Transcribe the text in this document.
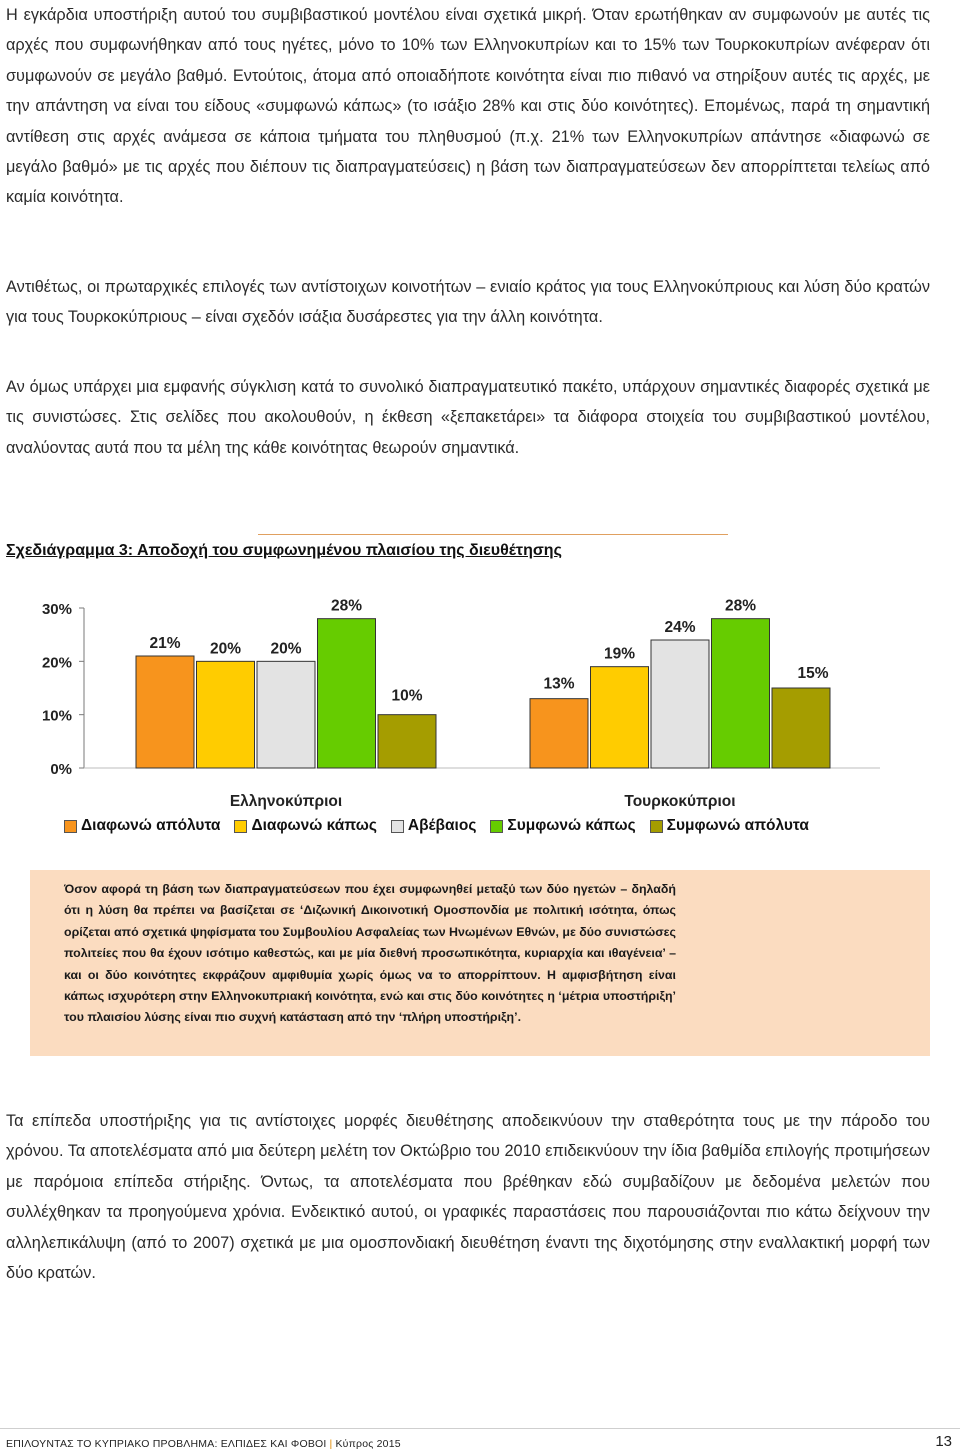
Η εγκάρδια υποστήριξη αυτού του συμβιβαστικού μοντέλου είναι σχετικά μικρή. Όταν ερωτήθηκαν αν συμφωνούν με αυτές τις αρχές που συμφωνήθηκαν από τους ηγέτες, μόνο το 10% των Ελληνοκυπρίων και το 15% των Τουρκοκυπρίων ανέφεραν ότι συμφωνούν σε μεγάλο βαθμό. Εντούτοις, άτομα από οποιαδήποτε κοινότητα είναι πιο πιθανό να στηρίξουν αυτές τις αρχές, με την απάντηση να είναι του είδους «συμφωνώ κάπως» (το ισάξιο 28% και στις δύο κοινότητες). Επομένως, παρά τη σημαντική αντίθεση στις αρχές ανάμεσα σε κάποια τμήματα του πληθυσμού (π.χ. 21% των Ελληνοκυπρίων απάντησε «διαφωνώ σε μεγάλο βαθμό» με τις αρχές που διέπουν τις διαπραγματεύσεις) η βάση των διαπραγματεύσεων δεν απορρίπτεται τελείως από καμία κοινότητα.

Αντιθέτως, οι πρωταρχικές επιλογές των αντίστοιχων κοινοτήτων – ενιαίο κράτος για τους Ελληνοκύπριους και λύση δύο κρατών για τους Τουρκοκύπριους – είναι σχεδόν ισάξια δυσάρεστες για την άλλη κοινότητα.

Αν όμως υπάρχει μια εμφανής σύγκλιση κατά το συνολικό διαπραγματευτικό πακέτο, υπάρχουν σημαντικές διαφορές σχετικά με τις συνιστώσες. Στις σελίδες που ακολουθούν, η έκθεση «ξεπακετάρει» τα διάφορα στοιχεία του συμβιβαστικού μοντέλου, αναλύοντας αυτά που τα μέλη της κάθε κοινότητας θεωρούν σημαντικά.

Σχεδιάγραμμα 3: Αποδοχή του συμφωνημένου πλαισίου της διευθέτησης

0%
10%
20%
30%
21% 20% 20%
28%
10%
Ελληνοκύπριοι
13%
19%
24%
28%
15%
Τουρκοκύπριοι
Διαφωνώ απόλυτα Διαφωνώ κάπως Αβέβαιος Συμφωνώ κάπως Συμφωνώ απόλυτα

Όσον αφορά τη βάση των διαπραγματεύσεων που έχει συμφωνηθεί μεταξύ των δύο ηγετών – δηλαδή ότι η λύση θα πρέπει να βασίζεται σε ‘Διζωνική Δικοινοτική Ομοσπονδία με πολιτική ισότητα, όπως ορίζεται από σχετικά ψηφίσματα του Συμβουλίου Ασφαλείας των Ηνωμένων Εθνών, με δύο συνιστώσες πολιτείες που θα έχουν ισότιμο καθεστώς, και με μία διεθνή προσωπικότητα, κυριαρχία και ιθαγένεια’ – και οι δύο κοινότητες εκφράζουν αμφιθυμία χωρίς όμως να το απορρίπτουν. Η αμφισβήτηση είναι κάπως ισχυρότερη στην Ελληνοκυπριακή κοινότητα, ενώ και στις δύο κοινότητες η ‘μέτρια υποστήριξη’ του πλαισίου λύσης είναι πιο συχνή κατάσταση από την ‘πλήρη υποστήριξη’.

Τα επίπεδα υποστήριξης για τις αντίστοιχες μορφές διευθέτησης αποδεικνύουν την σταθερότητα τους με την πάροδο του χρόνου. Τα αποτελέσματα από μια δεύτερη μελέτη τον Οκτώβριο του 2010 επιδεικνύουν την ίδια βαθμίδα επιλογής προτιμήσεων με παρόμοια επίπεδα στήριξης. Όντως, τα αποτελέσματα που βρέθηκαν εδώ συμβαδίζουν με δεδομένα μελετών που συλλέχθηκαν τα προηγούμενα χρόνια. Ενδεικτικό αυτού, οι γραφικές παραστάσεις που παρουσιάζονται πιο κάτω δείχνουν την αλληλεπικάλυψη (από το 2007) σχετικά με μια ομοσπονδιακή διευθέτηση έναντι της διχοτόμησης στην εναλλακτική μορφή των δύο κρατών.

ΕΠΙΛΟΥΝΤΑΣ ΤΟ ΚΥΠΡΙΑΚΟ ΠΡΟΒΛΗΜΑ: ΕΛΠΙΔΕΣ ΚΑΙ ΦΟΒΟΙ | Κύπρος 2015	13
